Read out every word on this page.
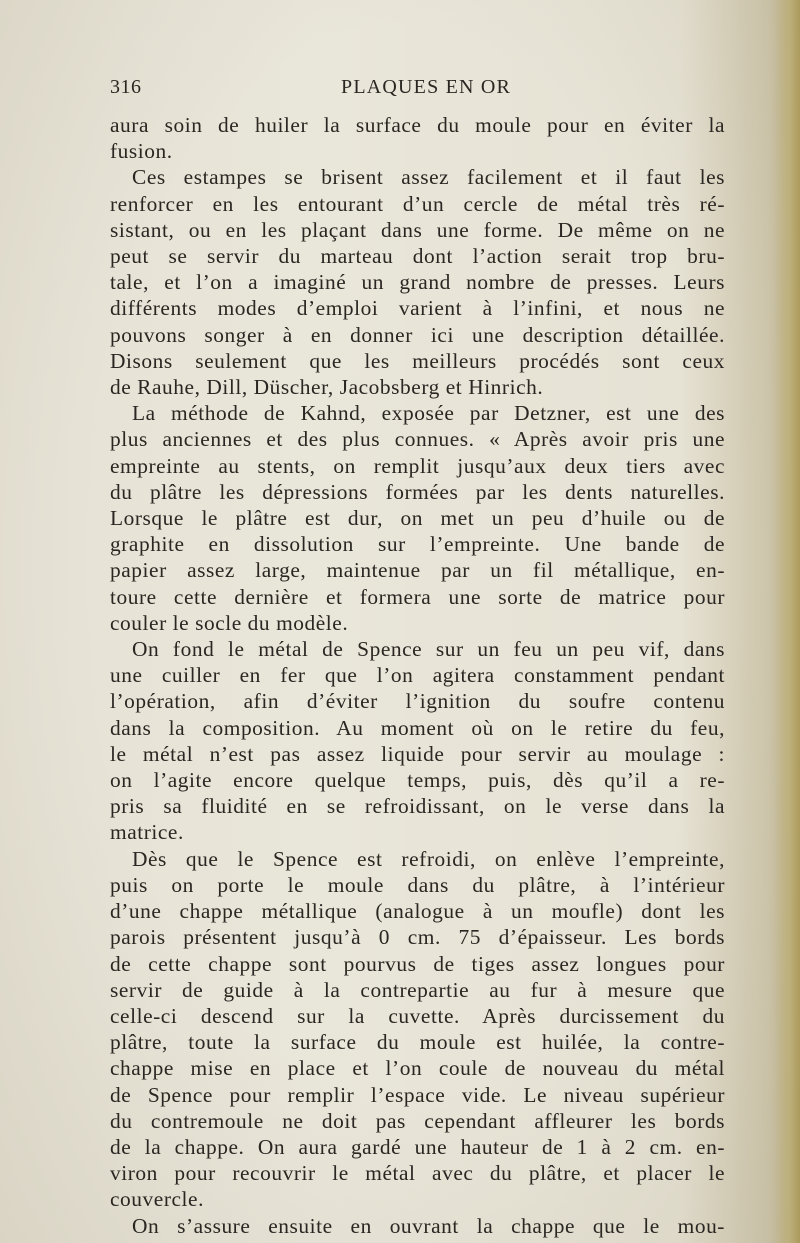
316	PLAQUES EN OR

aura soin de huiler la surface du moule pour en éviter la

fusion.

Ces estampes se brisent assez facilement et il faut les

renforcer en les entourant d’un cercle de métal très ré-

sistant, ou en les plaçant dans une forme. De même on ne

peut se servir du marteau dont l’action serait trop bru-

tale, et l’on a imaginé un grand nombre de presses. Leurs

différents modes d’emploi varient à l’infini, et nous ne

pouvons songer à en donner ici une description détaillée.

Disons seulement que les meilleurs procédés sont ceux

de Rauhe, Dill, Düscher, Jacobsberg et Hinrich.

La méthode de Kahnd, exposée par Detzner, est une des

plus anciennes et des plus connues. « Après avoir pris une

empreinte au stents, on remplit jusqu’aux deux tiers avec

du plâtre les dépressions formées par les dents naturelles.

Lorsque le plâtre est dur, on met un peu d’huile ou de

graphite en dissolution sur l’empreinte. Une bande de

papier assez large, maintenue par un fil métallique, en-

toure cette dernière et formera une sorte de matrice pour

couler le socle du modèle.

On fond le métal de Spence sur un feu un peu vif, dans

une cuiller en fer que l’on agitera constamment pendant

l’opération, afin d’éviter l’ignition du soufre contenu

dans la composition. Au moment où on le retire du feu,

le métal n’est pas assez liquide pour servir au moulage :

on l’agite encore quelque temps, puis, dès qu’il a re-

pris sa fluidité en se refroidissant, on le verse dans la

matrice.

Dès que le Spence est refroidi, on enlève l’empreinte,

puis on porte le moule dans du plâtre, à l’intérieur

d’une chappe métallique (analogue à un moufle) dont les

parois présentent jusqu’à 0 cm. 75 d’épaisseur. Les bords

de cette chappe sont pourvus de tiges assez longues pour

servir de guide à la contrepartie au fur à mesure que

celle-ci descend sur la cuvette. Après durcissement du

plâtre, toute la surface du moule est huilée, la contre-

chappe mise en place et l’on coule de nouveau du métal

de Spence pour remplir l’espace vide. Le niveau supérieur

du contremoule ne doit pas cependant affleurer les bords

de la chappe. On aura gardé une hauteur de 1 à 2 cm. en-

viron pour recouvrir le métal avec du plâtre, et placer le

couvercle.

On s’assure ensuite en ouvrant la chappe que le mou-
